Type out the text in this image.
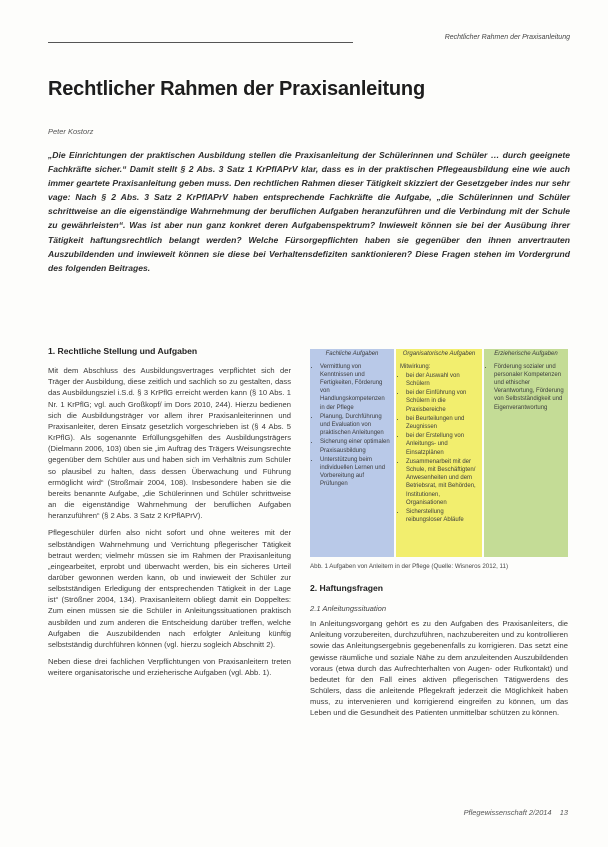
Rechtlicher Rahmen der Praxisanleitung
Rechtlicher Rahmen der Praxisanleitung
Peter Kostorz
„Die Einrichtungen der praktischen Ausbildung stellen die Praxisanleitung der Schülerinnen und Schüler … durch geeignete Fachkräfte sicher.“ Damit stellt § 2 Abs. 3 Satz 1 KrPflAPrV klar, dass es in der praktischen Pflegeausbildung eine wie auch immer geartete Praxisanleitung geben muss. Den rechtlichen Rahmen dieser Tätigkeit skizziert der Gesetzgeber indes nur sehr vage: Nach § 2 Abs. 3 Satz 2 KrPflAPrV haben entsprechende Fachkräfte die Aufgabe, „die Schülerinnen und Schüler schrittweise an die eigenständige Wahrnehmung der beruflichen Aufgaben heranzuführen und die Verbindung mit der Schule zu gewährleisten“. Was ist aber nun ganz konkret deren Aufgabenspektrum? Inwieweit können sie bei der Ausübung ihrer Tätigkeit haftungsrechtlich belangt werden? Welche Fürsorgepflichten haben sie gegenüber den ihnen anvertrauten Auszubildenden und inwieweit können sie diese bei Verhaltensdefiziten sanktionieren? Diese Fragen stehen im Vordergrund des folgenden Beitrages.
1. Rechtliche Stellung und Aufgaben

Mit dem Abschluss des Ausbildungsvertrages verpflichtet sich der Träger der Ausbildung, diese zeitlich und sachlich so zu gestalten, dass das Ausbildungsziel i.S.d. § 3 KrPflG erreicht werden kann (§ 10 Abs. 1 Nr. 1 KrPflG; vgl. auch Großkopf/ im Dors 2010, 244). Hierzu bedienen sich die Ausbildungsträger vor allem ihrer Praxisanleiterinnen und Praxisanleiter, deren Einsatz gesetzlich vorgeschrieben ist (§ 4 Abs. 5 KrPflG). Als sogenannte Erfüllungsgehilfen des Ausbildungsträgers (Dielmann 2006, 103) üben sie „im Auftrag des Trägers Weisungsrechte gegenüber dem Schüler aus und haben sich im Verhältnis zum Schüler so plausibel zu halten, dass dessen Überwachung und Führung ermöglicht wird“ (Stroßmair 2004, 108). Insbesondere haben sie die bereits benannte Aufgabe, „die Schülerinnen und Schüler schrittweise an die eigenständige Wahrnehmung der beruflichen Aufgaben heranzuführen“ (§ 2 Abs. 3 Satz 2 KrPflAPrV).

Pflegeschüler dürfen also nicht sofort und ohne weiteres mit der selbständigen Wahrnehmung und Verrichtung pflegerischer Tätigkeit betraut werden; vielmehr müssen sie im Rahmen der Praxisanleitung „eingearbeitet, erprobt und überwacht werden, bis ein sicheres Urteil darüber gewonnen werden kann, ob und inwieweit der Schüler zur selbstständigen Erledigung der entsprechenden Tätigkeit in der Lage ist“ (Strößner 2004, 134). Praxisanleitern obliegt damit ein Doppeltes: Zum einen müssen sie die Schüler in Anleitungssituationen praktisch ausbilden und zum anderen die Entscheidung darüber treffen, welche Aufgaben die Auszubildenden nach erfolgter Anleitung künftig selbstständig durchführen können (vgl. hierzu sogleich Abschnitt 2).

Neben diese drei fachlichen Verpflichtungen von Praxisanleitern treten weitere organisatorische und erzieherische Aufgaben (vgl. Abb. 1).

Fachliche Aufgaben
• Vermittlung von Kenntnissen und Fertigkeiten, Förderung von Handlungskompetenzen in der Pflege
• Planung, Durchführung und Evaluation von praktischen Anleitungen
• Sicherung einer optimalen Praxisausbildung
• Unterstützung beim individuellen Lernen und Vorbereitung auf Prüfungen
Organisatorische Aufgaben
Mitwirkung:
• bei der Auswahl von Schülern
• bei der Einführung von Schülern in die Praxisbereiche
• bei Beurteilungen und Zeugnissen
• bei der Erstellung von Anleitungs- und Einsatzplänen
• Zusammenarbeit mit der Schule, mit Beschäftigten/ Anwesenheiten und dem Betriebsrat, mit Behörden, Institutionen, Organisationen
• Sicherstellung reibungsloser Abläufe
Erzieherische Aufgaben
• Förderung sozialer und personaler Kompetenzen und ethischer Verantwortung, Förderung von Selbstständigkeit und Eigenverantwortung
Abb. 1 Aufgaben von Anleitern in der Pflege (Quelle: Wisneros 2012, 11)
2. Haftungsfragen

In Anleitungsvorgang gehört es zu den Aufgaben des Praxisanleiters, die Anleitung vorzubereiten, durchzuführen, nachzubereiten und zu kontrollieren sowie das Anleitungsergebnis gegebenenfalls zu korrigieren. Das setzt eine gewisse räumliche und soziale Nähe zu dem anzuleitenden Auszubildenden voraus (etwa durch das Aufrechterhalten von Augen- oder Rufkontakt) und bedeutet für den Fall eines aktiven pflegerischen Tätigwerdens des Schülers, dass die anleitende Pflegekraft jederzeit die Möglichkeit haben muss, zu intervenieren und korrigierend eingreifen zu können, um das Leben und die Gesundheit des Patienten unmittelbar schützen zu können.

2.1 Anleitungssituation
Pflegewissenschaft 2/2014 13
